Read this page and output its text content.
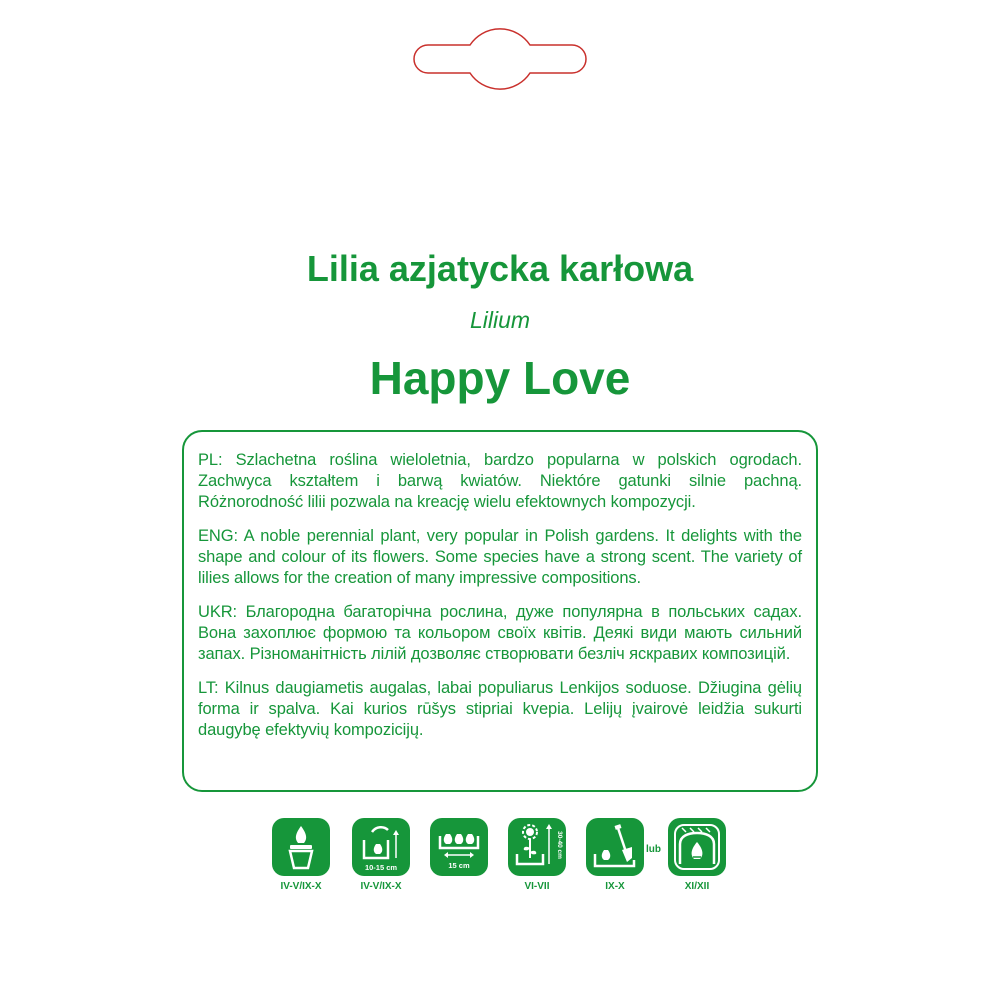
Lilia azjatycka karłowa
Lilium
Happy Love

PL: Szlachetna roślina wieloletnia, bardzo popularna w polskich ogrodach. Zachwyca kształtem i barwą kwiatów. Niektóre gatunki silnie pachną. Różnorodność lilii pozwala na kreację wielu efektownych kompozycji.

ENG: A noble perennial plant, very popular in Polish gardens. It delights with the shape and colour of its flowers. Some species have a strong scent. The variety of lilies allows for the creation of many impressive compositions.

UKR: Благородна багаторічна рослина, дуже популярна в польських садах. Вона захоплює формою та кольором своїх квітів. Деякі види мають сильний запах. Різноманітність лілій дозволяє створювати безліч яскравих композицій.

LT: Kilnus daugiametis augalas, labai populiarus Lenkijos soduose. Džiugina gėlių forma ir spalva. Kai kurios rūšys stipriai kvepia. Lelijų įvairovė leidžia sukurti daugybę efektyvių kompozicijų.

IV-V/IX-X
10-15 cm
IV-V/IX-X
15 cm
30-40 cm
VI-VII	IX-X
lub
XI/XII
